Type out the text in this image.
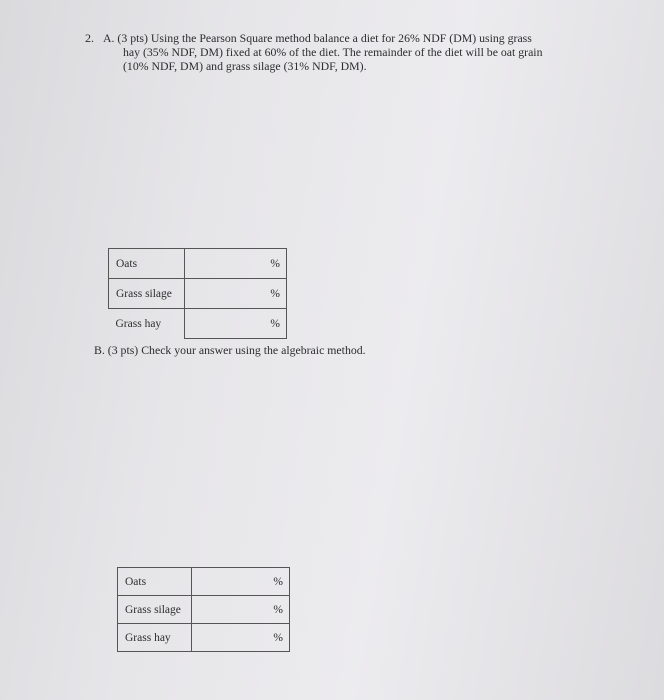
2. A. (3 pts) Using the Pearson Square method balance a diet for 26% NDF (DM) using grass
hay (35% NDF, DM) fixed at 60% of the diet. The remainder of the diet will be oat grain
(10% NDF, DM) and grass silage (31% NDF, DM).
Oats	%
Grass silage	%
Grass hay	%
B. (3 pts) Check your answer using the algebraic method.
Oats	%
Grass silage	%
Grass hay	%
